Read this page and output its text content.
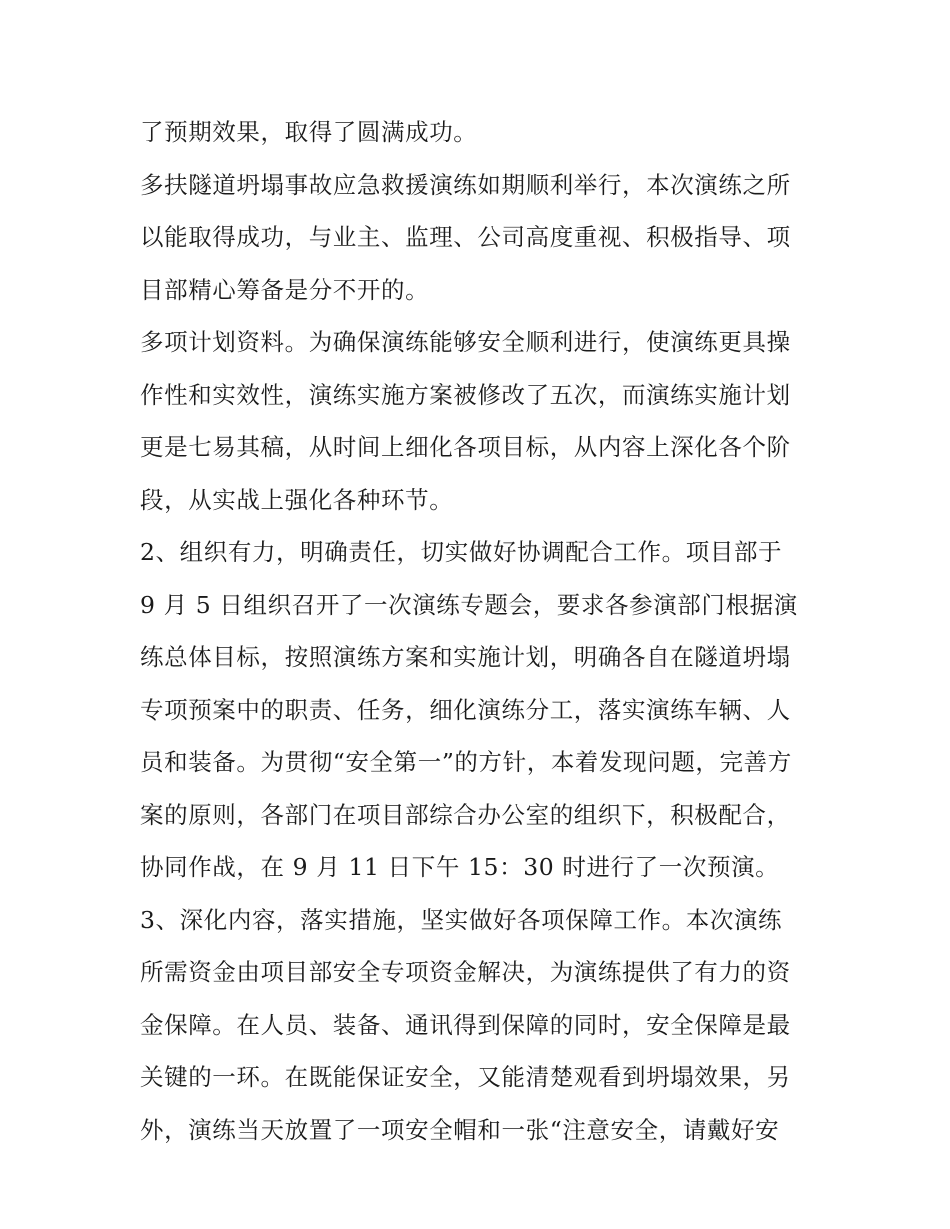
了预期效果，取得了圆满成功。
多扶隧道坍塌事故应急救援演练如期顺利举行，本次演练之所
以能取得成功，与业主、监理、公司高度重视、积极指导、项
目部精心筹备是分不开的。
多项计划资料。为确保演练能够安全顺利进行，使演练更具操
作性和实效性，演练实施方案被修改了五次，而演练实施计划
更是七易其稿，从时间上细化各项目标，从内容上深化各个阶
段，从实战上强化各种环节。
2、组织有力，明确责任，切实做好协调配合工作。项目部于
9 月 5 日组织召开了一次演练专题会，要求各参演部门根据演
练总体目标，按照演练方案和实施计划，明确各自在隧道坍塌
专项预案中的职责、任务，细化演练分工，落实演练车辆、人
员和装备。为贯彻“安全第一”的方针，本着发现问题，完善方
案的原则，各部门在项目部综合办公室的组织下，积极配合，
协同作战，在 9 月 11 日下午 15：30 时进行了一次预演。
3、深化内容，落实措施，坚实做好各项保障工作。本次演练
所需资金由项目部安全专项资金解决，为演练提供了有力的资
金保障。在人员、装备、通讯得到保障的同时，安全保障是最
关键的一环。在既能保证安全，又能清楚观看到坍塌效果，另
外，演练当天放置了一项安全帽和一张“注意安全，请戴好安
